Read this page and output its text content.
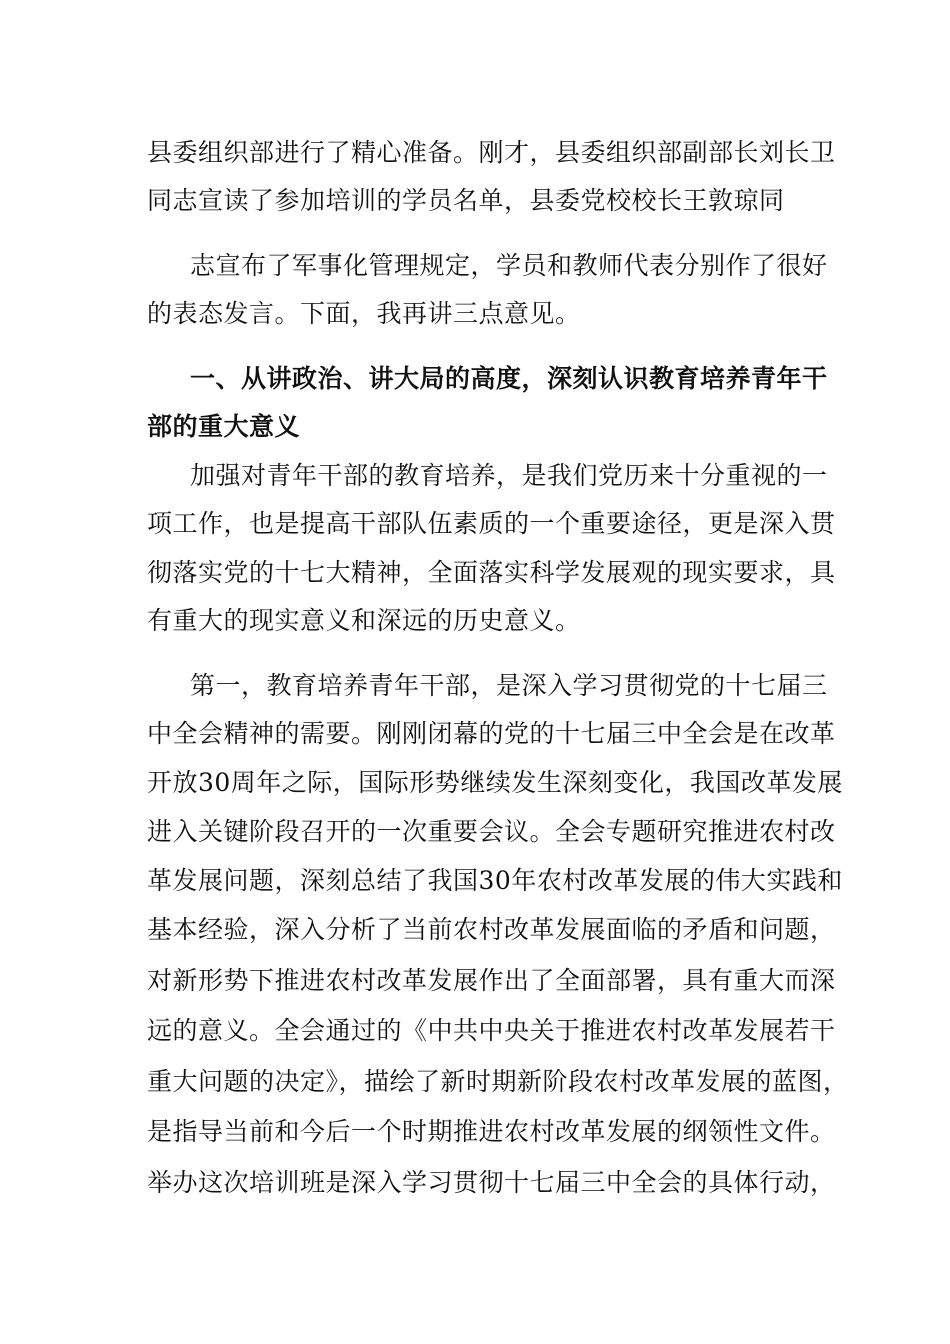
县委组织部进行了精心准备。刚才，县委组织部副部长刘长卫
同志宣读了参加培训的学员名单，县委党校校长王敦琼同
志宣布了军事化管理规定，学员和教师代表分别作了很好
的表态发言。下面，我再讲三点意见。
一、从讲政治、讲大局的高度，深刻认识教育培养青年干
部的重大意义
加强对青年干部的教育培养，是我们党历来十分重视的一
项工作，也是提高干部队伍素质的一个重要途径，更是深入贯
彻落实党的十七大精神，全面落实科学发展观的现实要求，具
有重大的现实意义和深远的历史意义。
第一，教育培养青年干部，是深入学习贯彻党的十七届三
中全会精神的需要。刚刚闭幕的党的十七届三中全会是在改革
开放30周年之际，国际形势继续发生深刻变化，我国改革发展
进入关键阶段召开的一次重要会议。全会专题研究推进农村改
革发展问题，深刻总结了我国30年农村改革发展的伟大实践和
基本经验，深入分析了当前农村改革发展面临的矛盾和问题，
对新形势下推进农村改革发展作出了全面部署，具有重大而深
远的意义。全会通过的《中共中央关于推进农村改革发展若干
重大问题的决定》，描绘了新时期新阶段农村改革发展的蓝图，
是指导当前和今后一个时期推进农村改革发展的纲领性文件。
举办这次培训班是深入学习贯彻十七届三中全会的具体行动，
